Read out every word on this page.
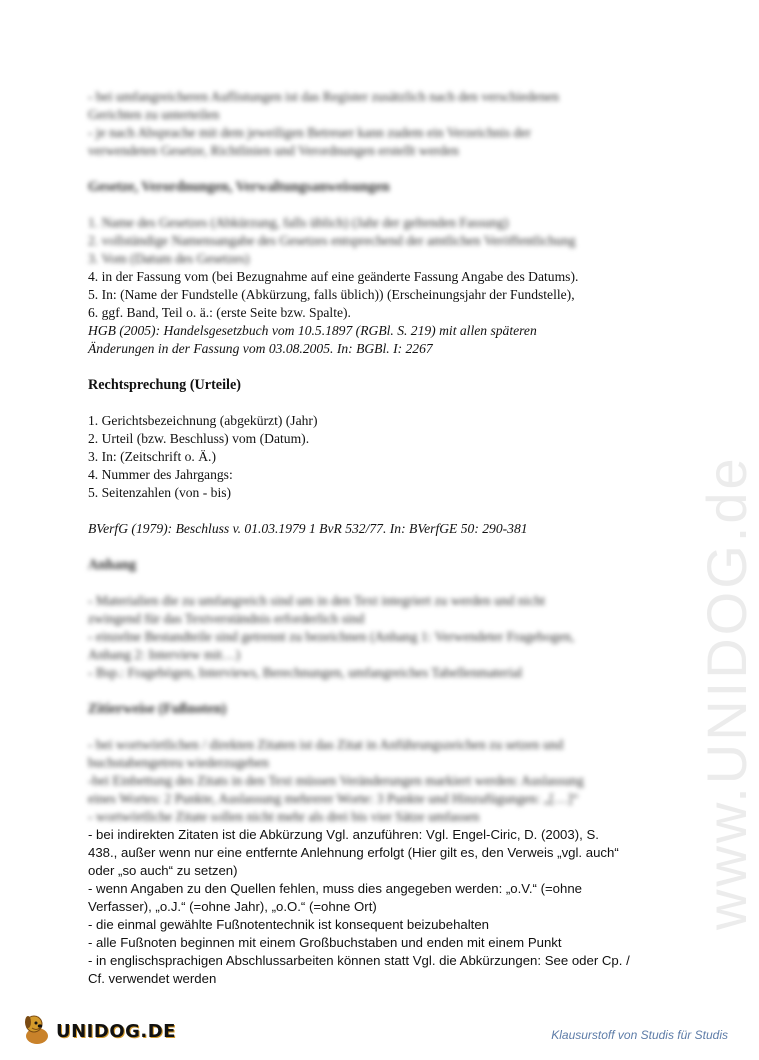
www.UNIDOG.de
- bei umfangreicheren Auflistungen ist das Register zusätzlich nach den verschiedenen
Gerichten zu unterteilen
- je nach Absprache mit dem jeweiligen Betreuer kann zudem ein Verzeichnis der
verwendeten Gesetze, Richtlinien und Verordnungen erstellt werden
Gesetze, Verordnungen, Verwaltungsanweisungen
1. Name des Gesetzes (Abkürzung, falls üblich) (Jahr der geltenden Fassung)
2. vollständige Namensangabe des Gesetzes entsprechend der amtlichen Veröffentlichung
3. Vom (Datum des Gesetzes)
4. in der Fassung vom (bei Bezugnahme auf eine geänderte Fassung Angabe des Datums).
5. In: (Name der Fundstelle (Abkürzung, falls üblich)) (Erscheinungsjahr der Fundstelle),
6. ggf. Band, Teil o. ä.: (erste Seite bzw. Spalte).
HGB (2005): Handelsgesetzbuch vom 10.5.1897 (RGBl. S. 219) mit allen späteren
Änderungen in der Fassung vom 03.08.2005. In: BGBl. I: 2267
Rechtsprechung (Urteile)
1. Gerichtsbezeichnung (abgekürzt) (Jahr)
2. Urteil (bzw. Beschluss) vom (Datum).
3. In: (Zeitschrift o. Ä.)
4. Nummer des Jahrgangs:
5. Seitenzahlen (von - bis)
BVerfG (1979): Beschluss v. 01.03.1979 1 BvR 532/77. In: BVerfGE 50: 290-381
Anhang
- Materialien die zu umfangreich sind um in den Text integriert zu werden und nicht
zwingend für das Textverständnis erforderlich sind
- einzelne Bestandteile sind getrennt zu bezeichnen (Anhang 1: Verwendeter Fragebogen,
Anhang 2: Interview mit…)
- Bsp.: Fragebögen, Interviews, Berechnungen, umfangreiches Tabellenmaterial
Zitierweise (Fußnoten)
- bei wortwörtlichen / direkten Zitaten ist das Zitat in Anführungszeichen zu setzen und
buchstabengetreu wiederzugeben
-bei Einbettung des Zitats in den Text müssen Veränderungen markiert werden: Auslassung
eines Wortes: 2 Punkte, Auslassung mehrerer Worte: 3 Punkte und Hinzufügungen: „[…]“
- wortwörtliche Zitate sollen nicht mehr als drei bis vier Sätze umfassen
- bei indirekten Zitaten ist die Abkürzung Vgl. anzuführen: Vgl. Engel-Ciric, D. (2003), S.
438., außer wenn nur eine entfernte Anlehnung erfolgt (Hier gilt es, den Verweis „vgl. auch“
oder „so auch“ zu setzen)
- wenn Angaben zu den Quellen fehlen, muss dies angegeben werden: „o.V.“ (=ohne
Verfasser), „o.J.“ (=ohne Jahr), „o.O.“ (=ohne Ort)
- die einmal gewählte Fußnotentechnik ist konsequent beizubehalten
- alle Fußnoten beginnen mit einem Großbuchstaben und enden mit einem Punkt
- in englischsprachigen Abschlussarbeiten können statt Vgl. die Abkürzungen: See oder Cp. /
Cf. verwendet werden
UNIDOG.DE	Klausurstoff von Studis für Studis
